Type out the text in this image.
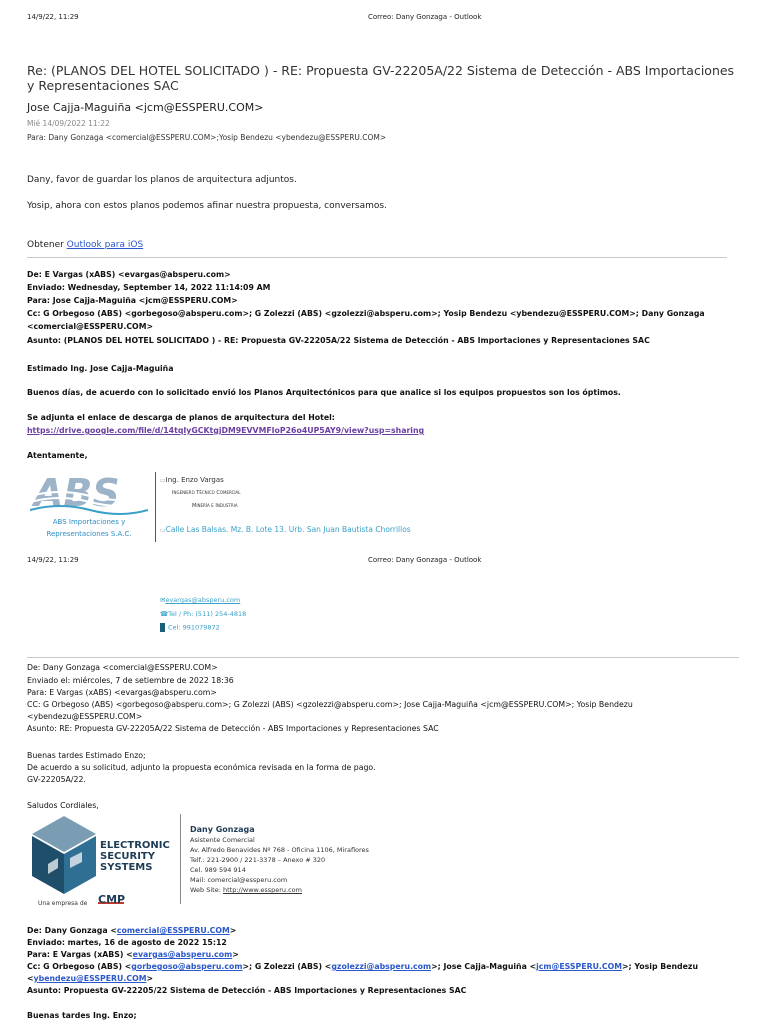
14/9/22, 11:29	Correo: Dany Gonzaga - Outlook
Re: (PLANOS DEL HOTEL SOLICITADO ) - RE: Propuesta GV-22205A/22 Sistema de Detección - ABS Importaciones y Representaciones SAC
Jose Cajja-Maguiña <jcm@ESSPERU.COM>
Mié 14/09/2022 11:22
Para: Dany Gonzaga <comercial@ESSPERU.COM>;Yosip Bendezu <ybendezu@ESSPERU.COM>
Dany, favor de guardar los planos de arquitectura adjuntos.
Yosip, ahora con estos planos podemos afinar nuestra propuesta, conversamos.
Obtener Outlook para iOS
De: E Vargas (xABS) <evargas@absperu.com>
Enviado: Wednesday, September 14, 2022 11:14:09 AM
Para: Jose Cajja-Maguiña <jcm@ESSPERU.COM>
Cc: G Orbegoso (ABS) <gorbegoso@absperu.com>; G Zolezzi (ABS) <gzolezzi@absperu.com>; Yosip Bendezu <ybendezu@ESSPERU.COM>; Dany Gonzaga
<comercial@ESSPERU.COM>
Asunto: (PLANOS DEL HOTEL SOLICITADO ) - RE: Propuesta GV-22205A/22 Sistema de Detección - ABS Importaciones y Representaciones SAC
Estimado Ing. Jose Cajja-Maguiña
Buenos días, de acuerdo con lo solicitado envió los Planos Arquitectónicos para que analice si los equipos propuestos son los óptimos.
Se adjunta el enlace de descarga de planos de arquitectura del Hotel:
https://drive.google.com/file/d/14tqIyGCKtgjDM9EVVMFIoP26o4UP5AY9/view?usp=sharing
Atentamente,
ABS
ABS Importaciones y
Representaciones S.A.C.
▭Ing. Enzo Vargas
Ingeniero Técnico Comercial
Minería e Industria
▭Calle Las Balsas. Mz. B. Lote 13. Urb. San Juan Bautista Chorrillos
14/9/22, 11:29	Correo: Dany Gonzaga - Outlook
✉evargas@absperu.com
☎Tel / Ph: (511) 254-4818
Cel: 991079872
De: Dany Gonzaga <comercial@ESSPERU.COM>
Enviado el: miércoles, 7 de setiembre de 2022 18:36
Para: E Vargas (xABS) <evargas@absperu.com>
CC: G Orbegoso (ABS) <gorbegoso@absperu.com>; G Zolezzi (ABS) <gzolezzi@absperu.com>; Jose Cajja-Maguiña <jcm@ESSPERU.COM>; Yosip Bendezu
<ybendezu@ESSPERU.COM>
Asunto: RE: Propuesta GV-22205A/22 Sistema de Detección - ABS Importaciones y Representaciones SAC
Buenas tardes Estimado Enzo;
De acuerdo a su solicitud, adjunto la propuesta económica revisada en la forma de pago.
GV-22205A/22.
Saludos Cordiales,
ELECTRONIC
SECURITY
SYSTEMS
Una empresa de CMP
Dany Gonzaga
Asistente Comercial
Av. Alfredo Benavides Nº 768 - Oficina 1106, Miraflores
Telf.: 221-2900 / 221-3378 – Anexo # 320
Cel. 989 594 914
Mail: comercial@essperu.com
Web Site: http://www.essperu.com
De: Dany Gonzaga <comercial@ESSPERU.COM>
Enviado: martes, 16 de agosto de 2022 15:12
Para: E Vargas (xABS) <evargas@absperu.com>
Cc: G Orbegoso (ABS) <gorbegoso@absperu.com>; G Zolezzi (ABS) <gzolezzi@absperu.com>; Jose Cajja-Maguiña <jcm@ESSPERU.COM>; Yosip Bendezu
<ybendezu@ESSPERU.COM>
Asunto: Propuesta GV-22205/22 Sistema de Detección - ABS Importaciones y Representaciones SAC
Buenas tardes Ing. Enzo;
